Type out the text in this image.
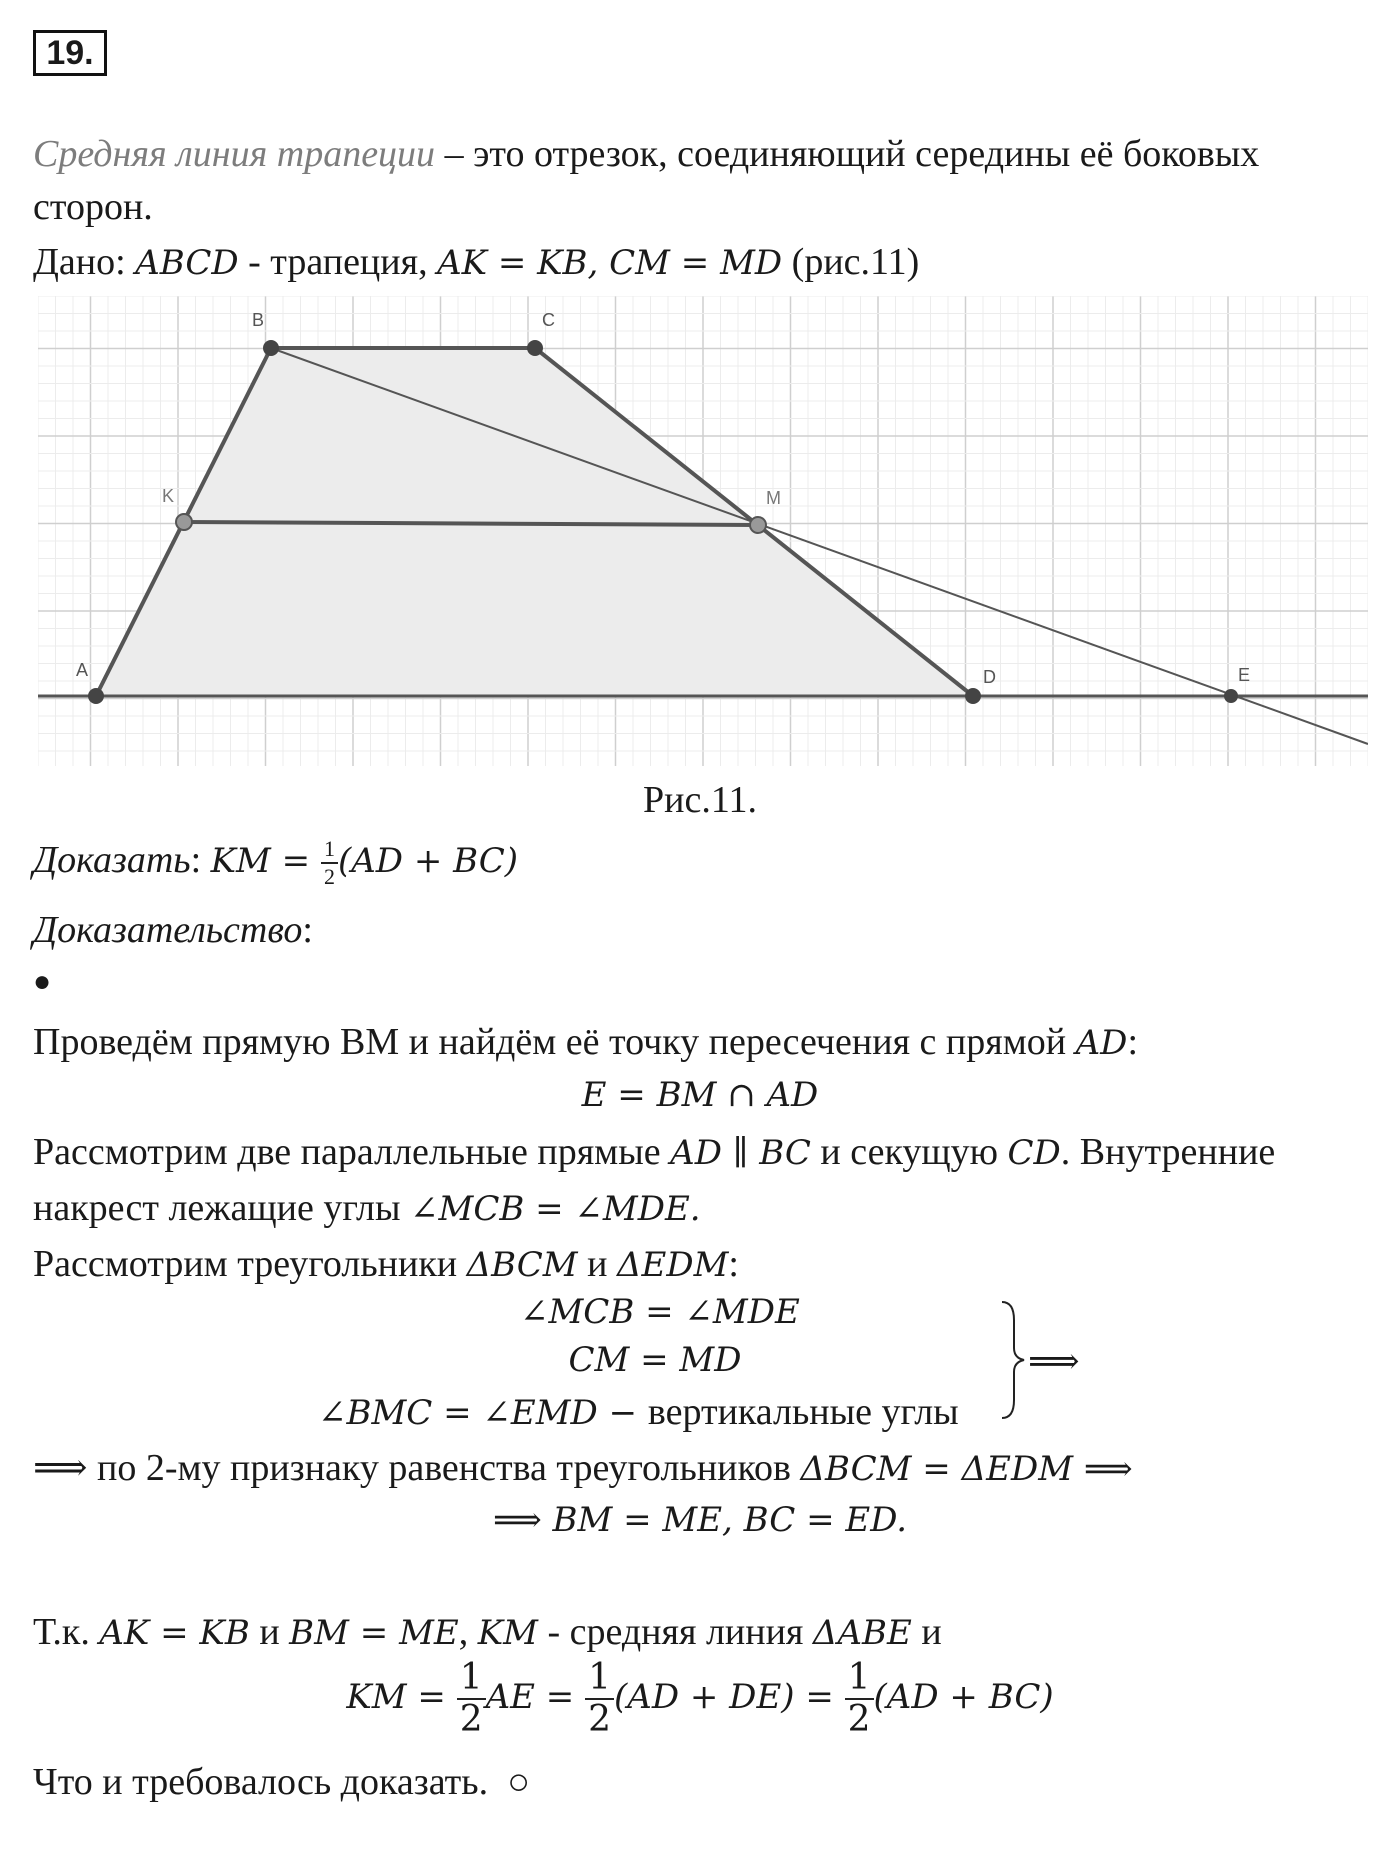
19.
Средняя линия трапеции – это отрезок, соединяющий середины её боковых
сторон.
Дано: ABCD - трапеция, AK = KB, CM = MD (рис.11)
A
B	C
K	M
D	E
Рис.11.
Доказать: KM = $\frac{1}{2} (AD + BC)$
Доказательство:
●
Проведём прямую BM и найдём её точку пересечения с прямой AD:
E = BM ∩ AD
Рассмотрим две параллельные прямые AD ∥ BC и секущую CD. Внутренние
накрест лежащие углы ∠MCB = ∠MDE.
Рассмотрим треугольники ΔBCM и ΔEDM:
∠MCB = ∠MDE
CM = MD
∠BMC = ∠EMD − вертикальные углы
⟹
⟹ по 2-му признаку равенства треугольников ΔBCM = ΔEDM ⟹
⟹ BM = ME, BC = ED.
Т.к. AK = KB и BM = ME, KM - средняя линия ΔABE и
KM = $\frac{1}{2}$ AE = $\frac{1}{2} (AD + DE) = \frac{1}{2} (AD + BC)$
Что и требовалось доказать. ○
